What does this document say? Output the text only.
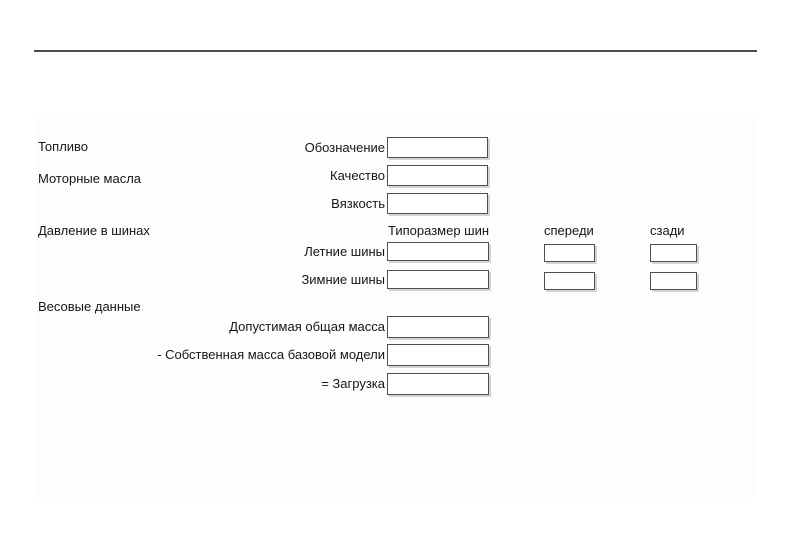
Топливо
Моторные масла
Давление в шинах
Весовые данные
Обозначение
Качество
Вязкость
Типоразмер шин	спереди	сзади
Летние шины
Зимние шины
Допустимая общая масса
- Собственная масса базовой модели
= Загрузка
